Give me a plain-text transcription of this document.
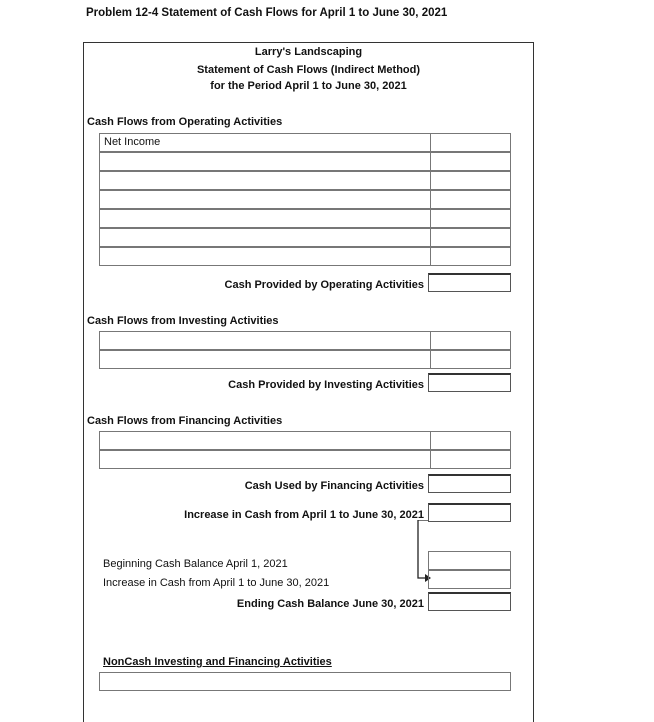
Problem 12-4 Statement of Cash Flows for April 1 to June 30, 2021
Larry's Landscaping
Statement of Cash Flows (Indirect Method)
for the Period April 1 to June 30, 2021
Cash Flows from Operating Activities
Net Income
Cash Provided by Operating Activities
Cash Flows from Investing Activities
Cash Provided by Investing Activities
Cash Flows from Financing Activities
Cash Used by Financing Activities
Increase in Cash from April 1 to June 30, 2021
Beginning Cash Balance April 1, 2021
Increase in Cash from April 1 to June 30, 2021
Ending Cash Balance June 30, 2021
NonCash Investing and Financing Activities
